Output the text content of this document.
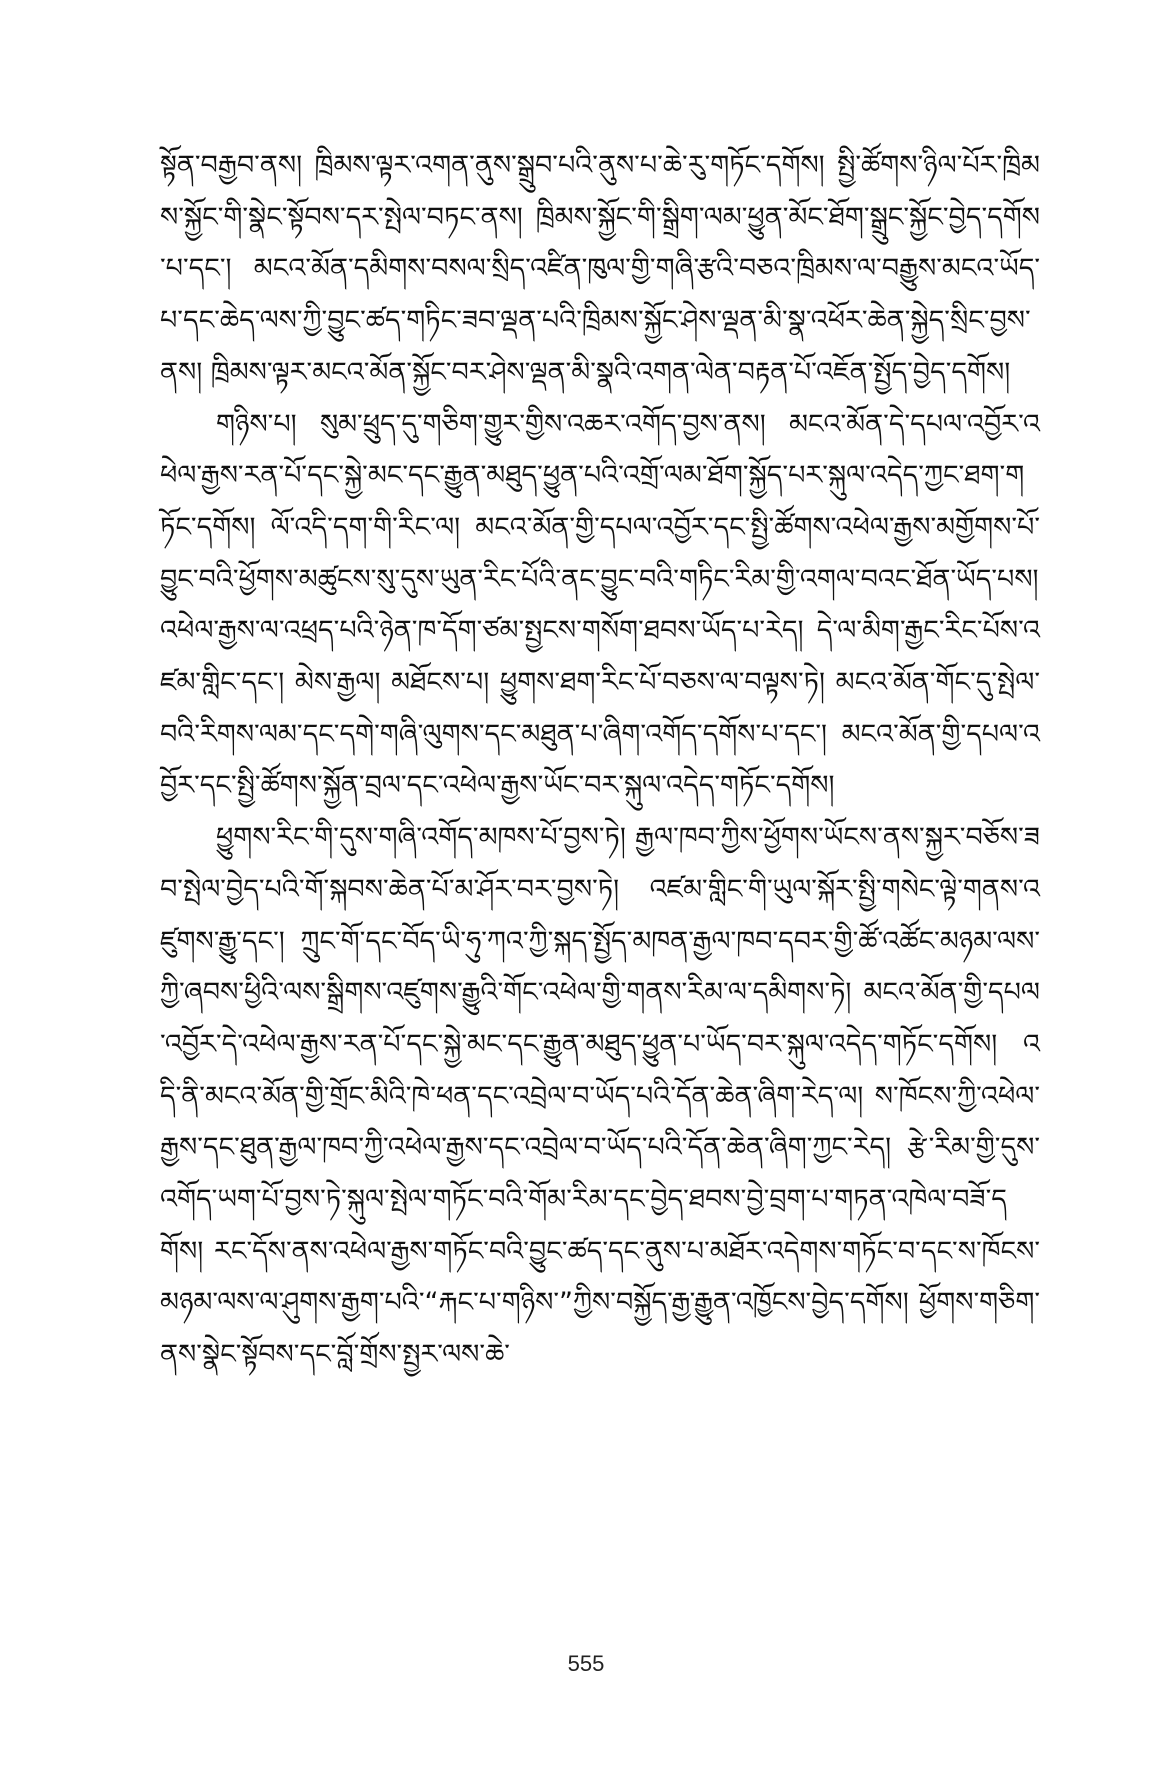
སྟོན་བརྒྱབ་ནས། ཁྲིམས་ལྟར་འགན་ནུས་སྒྲུབ་པའི་ནུས་པ་ཆེ་རུ་གཏོང་དགོས། སྤྱི་ཚོགས་ཉིལ་པོར་ཁྲིམས་སྐྱོང་གི་སྣེང་སྟོབས་དར་སྤེལ་བཏང་ནས། ཁྲིམས་སྐྱོང་གི་སྒྲིག་ལམ་ཕྱུན་མོང་ཐོག་སྒྲུང་སྐྱོང་བྱེད་དགོས་པ་དང་། མངའ་མོན་དམིགས་བསལ་སྲིད་འཛིན་ཁུལ་གྱི་གཞི་རྩའི་བཅའ་ཁྲིམས་ལ་བརྒྱུས་མངའ་ཡོད་པ་དང་ཆེད་ལས་ཀྱི་བྱུང་ཚད་གཏིང་ཟབ་ལྡན་པའི་ཁྲིམས་སྐྱོང་ཤེས་ལྡན་མི་སྣ་འཕོར་ཆེན་སྐྱེད་སྲིང་བྱས་ནས། ཁྲིམས་ལྟར་མངའ་མོན་སྐྱོང་བར་ཤེས་ལྡན་མི་སྣའི་འགན་ལེན་བརྟན་པོ་འཇོན་སྤྱོད་བྱེད་དགོས།

གཉིས་པ། སུམ་ཕྲུད་དུ་གཅིག་གྱུར་གྱིས་འཆར་འགོད་བྱས་ནས། མངའ་མོན་དེ་དཔལ་འབྱོར་འཕེལ་རྒྱས་རན་པོ་དང་སྐྱེ་མང་དང་རྒྱུན་མཐུད་ཕྱུན་པའི་འགྲོ་ལམ་ཐོག་སྐྱོད་པར་སྐུལ་འདེད་ཀྱང་ཐག་གཏོང་དགོས། ལོ་འདི་དག་གི་རིང་ལ། མངའ་མོན་གྱི་དཔལ་འབྱོར་དང་སྤྱི་ཚོགས་འཕེལ་རྒྱས་མགྱོགས་པོ་བྱུང་བའི་ཕྱོགས་མཚུངས་སུ་དུས་ཡུན་རིང་པོའི་ནང་བྱུང་བའི་གཏིང་རིམ་གྱི་འགལ་བའང་ཐོན་ཡོད་པས། འཕེལ་རྒྱས་ལ་འཕྲད་པའི་ཉེན་ཁ་དོག་ཙམ་སྤྱངས་གསོག་ཐབས་ཡོད་པ་རེད། དེ་ལ་མིག་རྒྱང་རིང་པོས་འཛམ་གླིང་དང་། མེས་རྒྱལ། མཐོངས་པ། ཕྱུགས་ཐག་རིང་པོ་བཅས་ལ་བལྟས་ཏེ། མངའ་མོན་གོང་དུ་སྤེལ་བའི་རིགས་ལམ་དང་དགེ་གཞི་ལུགས་དང་མཐུན་པ་ཞིག་འགོད་དགོས་པ་དང་། མངའ་མོན་གྱི་དཔལ་འབྱོར་དང་སྤྱི་ཚོགས་སྐྱོན་བྲལ་དང་འཕེལ་རྒྱས་ཡོང་བར་སྐུལ་འདེད་གཏོང་དགོས།

ཕྱུགས་རིང་གི་དུས་གཞི་འགོད་མཁས་པོ་བྱས་ཏེ། རྒྱལ་ཁབ་ཀྱིས་ཕྱོགས་ཡོངས་ནས་སྐྱར་བཅོས་ཟབ་སྤེལ་བྱེད་པའི་གོ་སྐབས་ཆེན་པོ་མ་ཤོར་བར་བྱས་ཏེ། འཛམ་གླིང་གི་ཡུལ་སྐོར་སྤྱི་གསེང་ལྟེ་གནས་འཛུགས་རྒྱུ་དང་། ཀྲུང་གོ་དང་བོད་ཡི་ཧུ་ཀའ་ཀྱི་སྐད་སྤྱོད་མཁན་རྒྱལ་ཁབ་དབར་གྱི་ཚོ་འཚོང་མཉམ་ལས་ཀྱི་ཞབས་ཕྱིའི་ལས་སྒྲིགས་འཛུགས་རྒྱུའི་གོང་འཕེལ་གྱི་གནས་རིམ་ལ་དམིགས་ཏེ། མངའ་མོན་གྱི་དཔལ་འབྱོར་དེ་འཕེལ་རྒྱས་རན་པོ་དང་སྐྱེ་མང་དང་རྒྱུན་མཐུད་ཕྱུན་པ་ཡོད་བར་སྐུལ་འདེད་གཏོང་དགོས། འདི་ནི་མངའ་མོན་གྱི་གྲོང་མིའི་ཁེ་ཕན་དང་འབྲེལ་བ་ཡོད་པའི་དོན་ཆེན་ཞིག་རེད་ལ། ས་ཁོངས་ཀྱི་འཕེལ་རྒྱས་དང་ཐུན་རྒྱལ་ཁབ་ཀྱི་འཕེལ་རྒྱས་དང་འབྲེལ་བ་ཡོད་པའི་དོན་ཆེན་ཞིག་ཀྱང་རེད། རྩེ་རིམ་གྱི་དུས་འགོད་ཡག་པོ་བྱས་ཏེ་སྐུལ་སྤེལ་གཏོང་བའི་གོམ་རིམ་དང་བྱེད་ཐབས་བྱེ་བྲག་པ་གཏན་འཁེལ་བཟོ་དགོས། རང་དོས་ནས་འཕེལ་རྒྱས་གཏོང་བའི་བྱུང་ཚད་དང་ནུས་པ་མཐོར་འདེགས་གཏོང་བ་དང་ས་ཁོངས་མཉམ་ལས་ལ་ཤུགས་རྒྱག་པའི་“རྐང་པ་གཉིས་”ཀྱིས་བསྐྱོད་རྒྱ་རྒྱུན་འཁྱོངས་བྱེད་དགོས། ཕྱོགས་གཅིག་ནས་སྣེང་སྟོབས་དང་བློ་གྲོས་སྤྱར་ལས་ཆེ་

555
